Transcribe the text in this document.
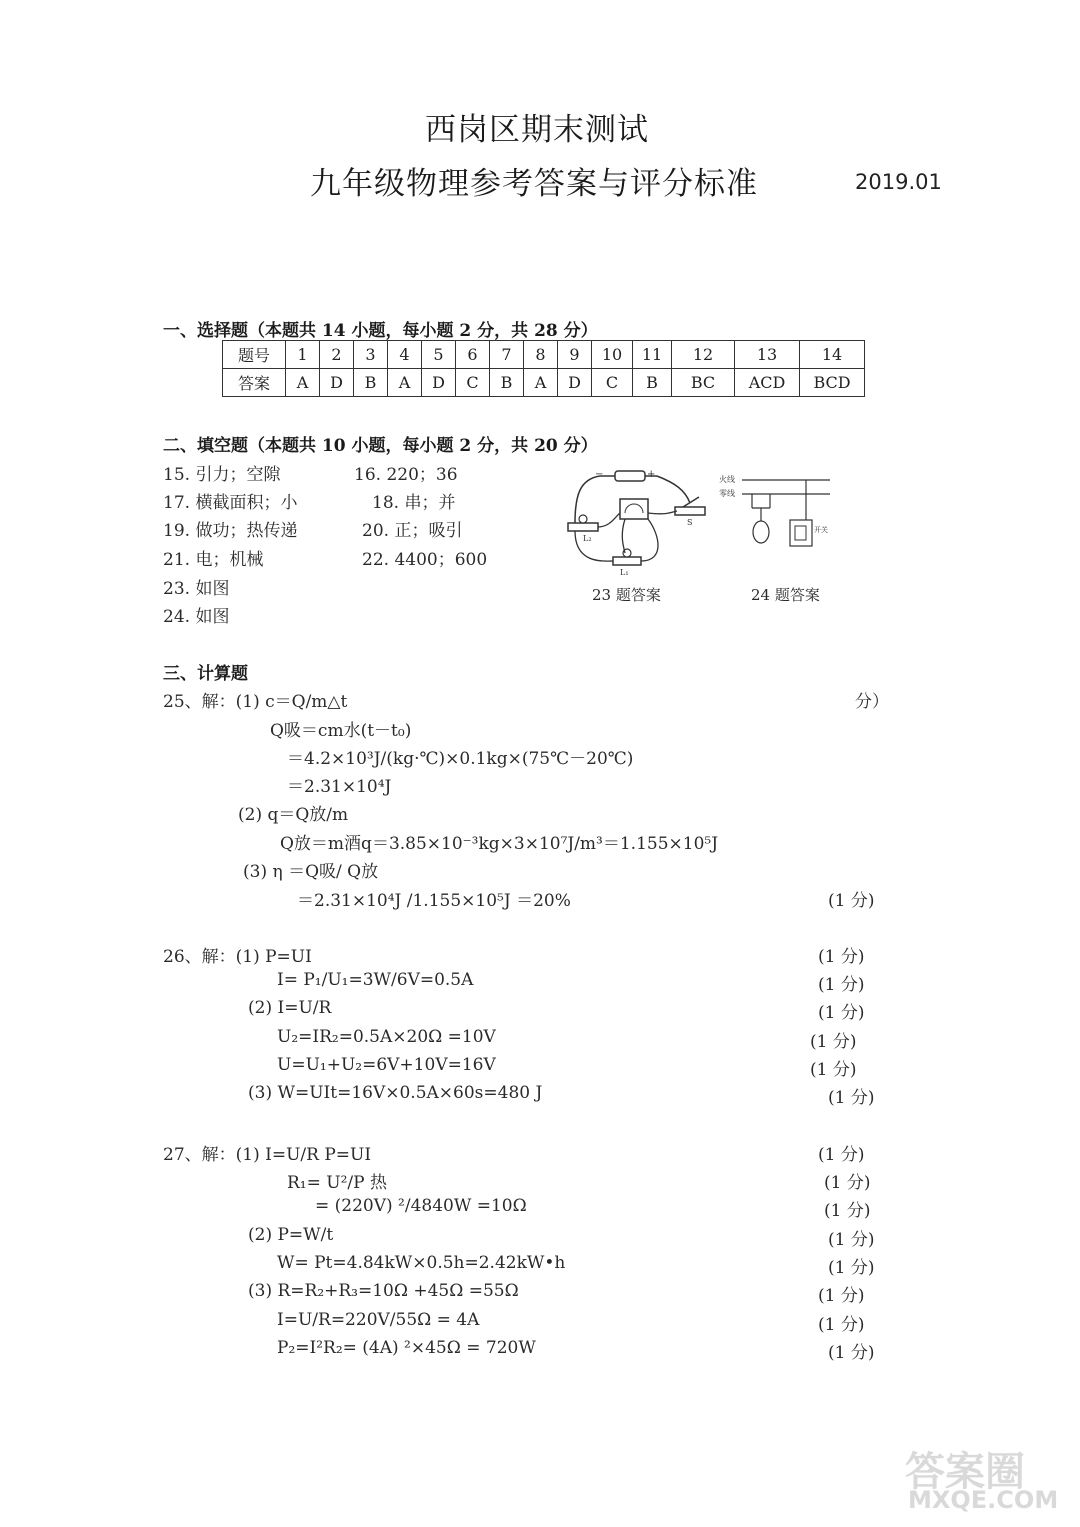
西岗区期末测试
九年级物理参考答案与评分标准	2019.01
一、选择题（本题共 14 小题，每小题 2 分，共 28 分）
题号	1	2	3	4	5	6	7	8	9	10	11	12	13	14
答案	A	D	B	A	D	C	B	A	D	C	B	BC	ACD	BCD
二、填空题（本题共 10 小题，每小题 2 分，共 20 分）
15. 引力；空隙
17. 横截面积；小
19. 做功；热传递
21. 电；机械
23. 如图
24. 如图
16. 220；36
18. 串；并
20. 正；吸引
22. 4400；600
−	+
L₂
L₁
S
23 题答案
火线
零线
开关
24 题答案
三、计算题
25、解：(1) c＝Q/m△t	分）
Q吸＝cm水(t－t₀)
＝4.2×10³J/(kg·℃)×0.1kg×(75℃－20℃)
＝2.31×10⁴J
(2) q＝Q放/m
Q放＝m酒q＝3.85×10⁻³kg×3×10⁷J/m³＝1.155×10⁵J
(3) η ＝Q吸/ Q放
＝2.31×10⁴J /1.155×10⁵J ＝20%	(1 分)
26、解：(1) P=UI
I= P₁/U₁=3W/6V=0.5A
(2) I=U/R
U₂=IR₂=0.5A×20Ω =10V
U=U₁+U₂=6V+10V=16V
(3) W=UIt=16V×0.5A×60s=480 J
(1 分)
(1 分)
(1 分)
(1 分)
(1 分)
(1 分)
27、解：(1) I=U/R P=UI
R₁= U²/P 热
= (220V) ²/4840W =10Ω
(2) P=W/t
W= Pt=4.84kW×0.5h=2.42kW•h
(3) R=R₂+R₃=10Ω +45Ω =55Ω
I=U/R=220V/55Ω = 4A
P₂=I²R₂= (4A) ²×45Ω = 720W
(1 分)
(1 分)
(1 分)
(1 分)
(1 分)
(1 分)
(1 分)
(1 分)
答案圈
MXQE.COM
